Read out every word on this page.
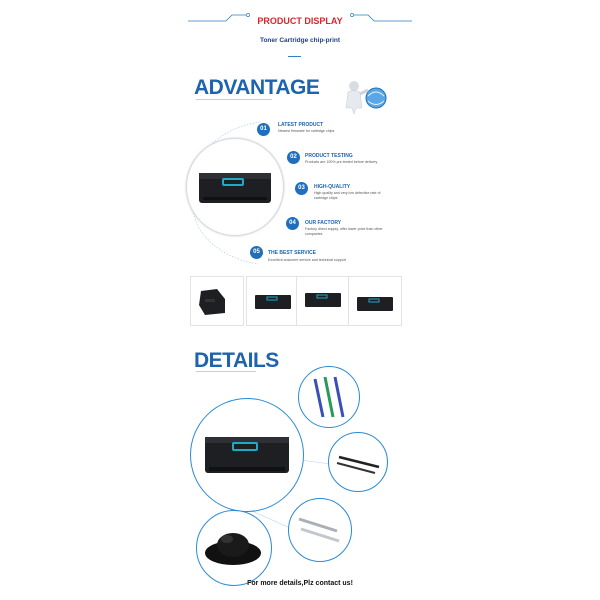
PRODUCT DISPLAY
Toner Cartridge chip-print
ADVANTAGE
01
LATEST PRODUCT
Newest firmware for cartridge chips
02	PRODUCT TESTING
Products are 100% pre-tested before delivery
03	HIGH-QUALITY
High quality and very low defective rate of cartridge chips
04	OUR FACTORY
Factory direct supply, offer lower price than other companies
05	THE BEST SERVICE
Excellent customer service and technical support
DETAILS
For more details,Plz contact us!
